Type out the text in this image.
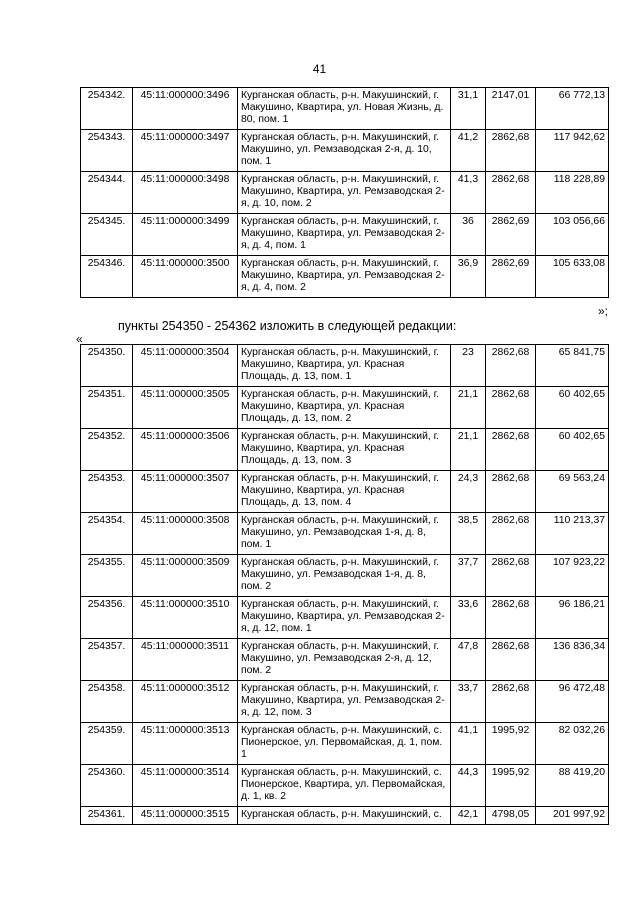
41
254342.	45:11:000000:3496	Курганская область, р-н. Макушинский, г. Макушино, Квартира, ул. Новая Жизнь, д. 80, пом. 1	31,1	2147,01	66 772,13
254343.	45:11:000000:3497	Курганская область, р-н. Макушинский, г. Макушино, ул. Ремзаводская 2-я, д. 10, пом. 1	41,2	2862,68	117 942,62
254344.	45:11:000000:3498	Курганская область, р-н. Макушинский, г. Макушино, Квартира, ул. Ремзаводская 2-я, д. 10, пом. 2	41,3	2862,68	118 228,89
254345.	45:11:000000:3499	Курганская область, р-н. Макушинский, г. Макушино, Квартира, ул. Ремзаводская 2-я, д. 4, пом. 1	36	2862,69	103 056,66
254346.	45:11:000000:3500	Курганская область, р-н. Макушинский, г. Макушино, Квартира, ул. Ремзаводская 2-я, д. 4, пом. 2	36,9	2862,69	105 633,08
»;
пункты 254350 - 254362 изложить в следующей редакции:
«
254350.	45:11:000000:3504	Курганская область, р-н. Макушинский, г. Макушино, Квартира, ул. Красная Площадь, д. 13, пом. 1	23	2862,68	65 841,75
254351.	45:11:000000:3505	Курганская область, р-н. Макушинский, г. Макушино, Квартира, ул. Красная Площадь, д. 13, пом. 2	21,1	2862,68	60 402,65
254352.	45:11:000000:3506	Курганская область, р-н. Макушинский, г. Макушино, Квартира, ул. Красная Площадь, д. 13, пом. 3	21,1	2862,68	60 402,65
254353.	45:11:000000:3507	Курганская область, р-н. Макушинский, г. Макушино, Квартира, ул. Красная Площадь, д. 13, пом. 4	24,3	2862,68	69 563,24
254354.	45:11:000000:3508	Курганская область, р-н. Макушинский, г. Макушино, ул. Ремзаводская 1-я, д. 8, пом. 1	38,5	2862,68	110 213,37
254355.	45:11:000000:3509	Курганская область, р-н. Макушинский, г. Макушино, ул. Ремзаводская 1-я, д. 8, пом. 2	37,7	2862,68	107 923,22
254356.	45:11:000000:3510	Курганская область, р-н. Макушинский, г. Макушино, Квартира, ул. Ремзаводская 2-я, д. 12, пом. 1	33,6	2862,68	96 186,21
254357.	45:11:000000:3511	Курганская область, р-н. Макушинский, г. Макушино, ул. Ремзаводская 2-я, д. 12, пом. 2	47,8	2862,68	136 836,34
254358.	45:11:000000:3512	Курганская область, р-н. Макушинский, г. Макушино, Квартира, ул. Ремзаводская 2-я, д. 12, пом. 3	33,7	2862,68	96 472,48
254359.	45:11:000000:3513	Курганская область, р-н. Макушинский, с. Пионерское, ул. Первомайская, д. 1, пом. 1	41,1	1995,92	82 032,26
254360.	45:11:000000:3514	Курганская область, р-н. Макушинский, с. Пионерское, Квартира, ул. Первомайская, д. 1, кв. 2	44,3	1995,92	88 419,20
254361.	45:11:000000:3515	Курганская область, р-н. Макушинский, с.	42,1	4798,05	201 997,92
